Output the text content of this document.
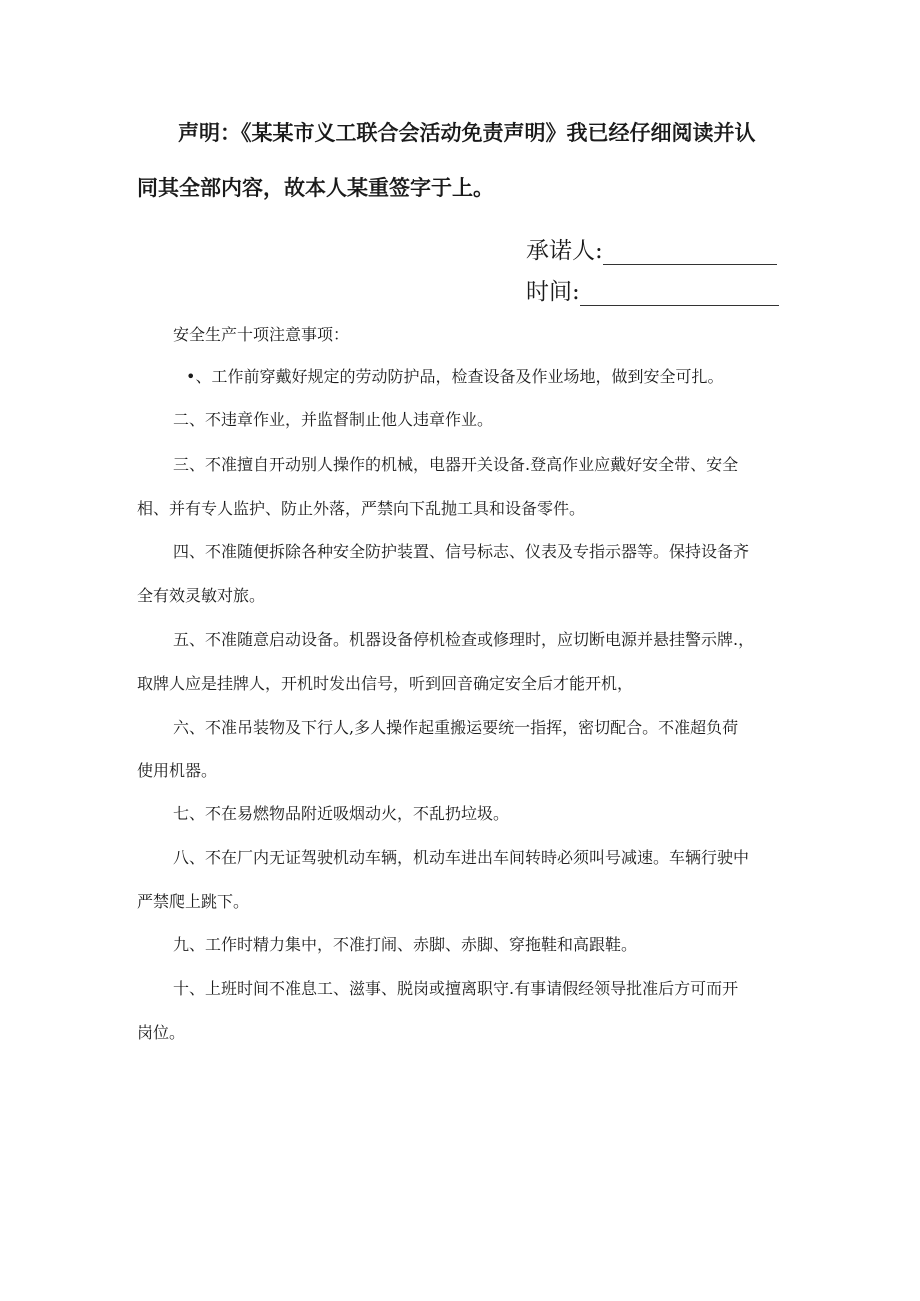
声明：《某某市义工联合会活动免责声明》我已经仔细阅读并认
同其全部内容，故本人某重签字于上。
承诺人:
时间:
安全生产十项注意事项：
•、工作前穿戴好规定的劳动防护品，检查设备及作业场地，做到安全可扎。
二、不违章作业，并监督制止他人违章作业。
三、不准擅自开动别人操作的机械，电器开关设备.登高作业应戴好安全带、安全
相、并有专人监护、防止外落，严禁向下乱抛工具和设备零件。
四、不准随便拆除各种安全防护装置、信号标志、仪表及专指示器等。保持设备齐
全有效灵敏对旅。
五、不准随意启动设备。机器设备停机检查或修理时，应切断电源并悬挂警示牌.，
取牌人应是挂牌人，开机时发出信号，听到回音确定安全后才能开机，
六、不准吊装物及下行人,多人操作起重搬运要统一指挥，密切配合。不准超负荷
使用机器。
七、不在易燃物品附近吸烟动火，不乱扔垃圾。
八、不在厂内无证驾驶机动车辆，机动车进出车间转時必须叫号减速。车辆行驶中
严禁爬上跳下。
九、工作时精力集中，不准打闹、赤脚、赤脚、穿拖鞋和高跟鞋。
十、上班时间不准息工、滋事、脱岗或擅离职守.有事请假经领导批准后方可而开
岗位。
